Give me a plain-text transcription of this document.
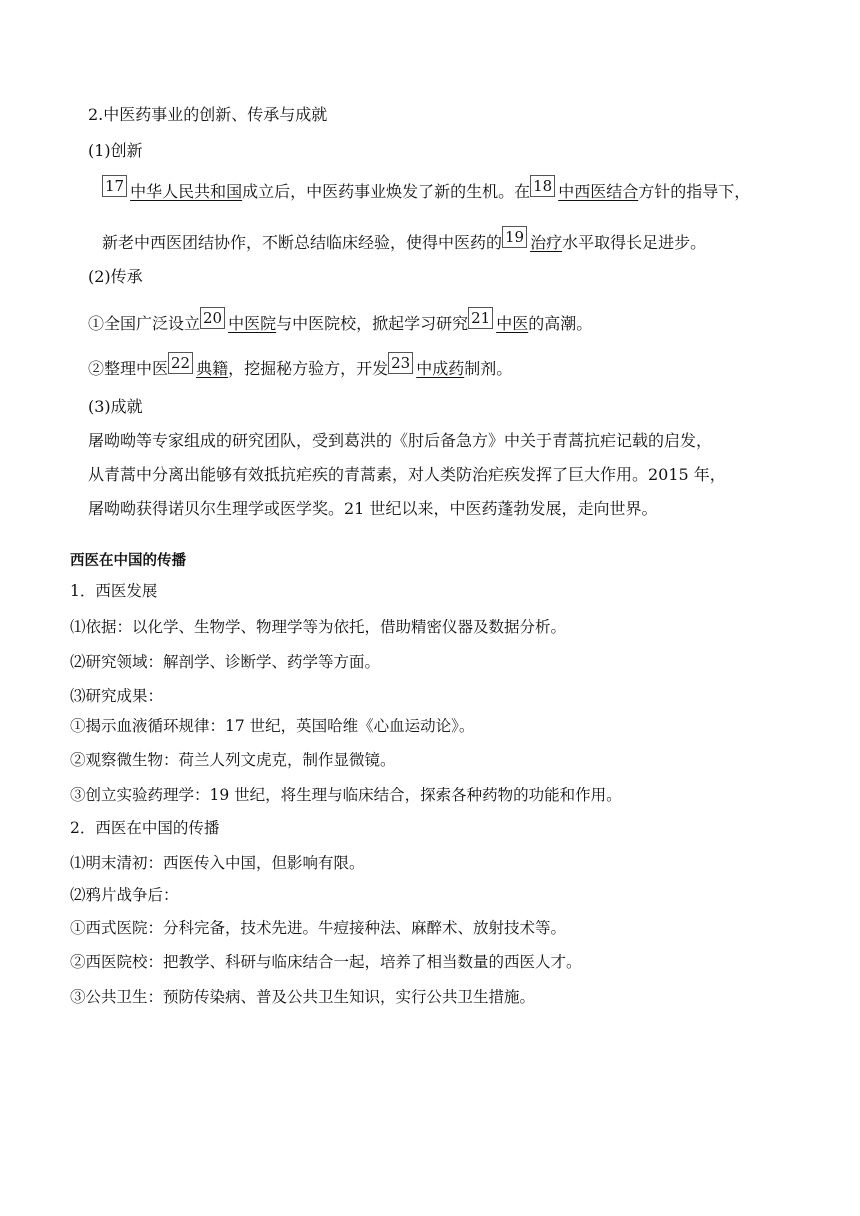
2.中医药事业的创新、传承与成就
(1)创新
17 中华人民共和国成立后，中医药事业焕发了新的生机。在 18 中西医结合方针的指导下，
新老中西医团结协作，不断总结临床经验，使得中医药的 19 治疗水平取得长足进步。
(2)传承
①全国广泛设立 20 中医院与中医院校，掀起学习研究 21 中医的高潮。
②整理中医 22 典籍，挖掘秘方验方，开发 23 中成药制剂。
(3)成就
屠呦呦等专家组成的研究团队，受到葛洪的《肘后备急方》中关于青蒿抗疟记载的启发，
从青蒿中分离出能够有效抵抗疟疾的青蒿素，对人类防治疟疾发挥了巨大作用。2015 年，
屠呦呦获得诺贝尔生理学或医学奖。21 世纪以来，中医药蓬勃发展，走向世界。
西医在中国的传播
1．西医发展
⑴依据：以化学、生物学、物理学等为依托，借助精密仪器及数据分析。
⑵研究领域：解剖学、诊断学、药学等方面。
⑶研究成果：
①揭示血液循环规律：17 世纪，英国哈维《心血运动论》。
②观察微生物：荷兰人列文虎克，制作显微镜。
③创立实验药理学：19 世纪，将生理与临床结合，探索各种药物的功能和作用。
2．西医在中国的传播
⑴明末清初：西医传入中国，但影响有限。
⑵鸦片战争后：
①西式医院：分科完备，技术先进。牛痘接种法、麻醉术、放射技术等。
②西医院校：把教学、科研与临床结合一起，培养了相当数量的西医人才。
③公共卫生：预防传染病、普及公共卫生知识，实行公共卫生措施。
